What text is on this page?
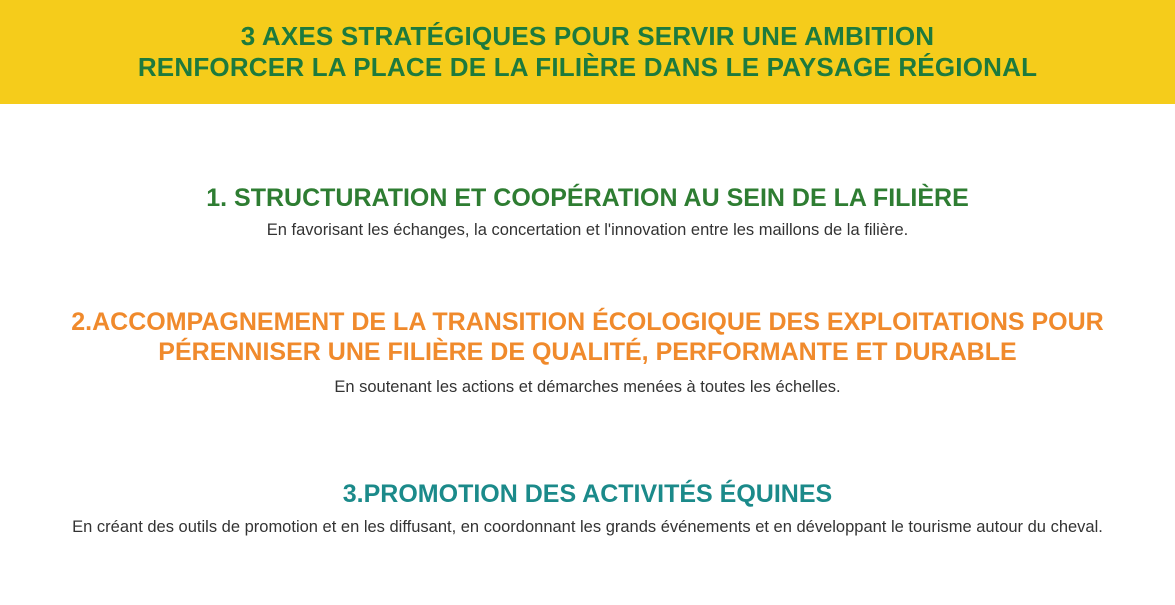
3 AXES STRATÉGIQUES POUR SERVIR UNE AMBITION
RENFORCER LA PLACE DE LA FILIÈRE DANS LE PAYSAGE RÉGIONAL
1. STRUCTURATION ET COOPÉRATION AU SEIN DE LA FILIÈRE
En favorisant les échanges, la concertation et l'innovation entre les maillons de la filière.
2.ACCOMPAGNEMENT DE LA TRANSITION ÉCOLOGIQUE DES EXPLOITATIONS POUR PÉRENNISER UNE FILIÈRE DE QUALITÉ, PERFORMANTE ET DURABLE
En soutenant les actions et démarches menées à toutes les échelles.
3.PROMOTION DES ACTIVITÉS ÉQUINES
En créant des outils de promotion et en les diffusant, en coordonnant les grands événements et en développant le tourisme autour du cheval.
